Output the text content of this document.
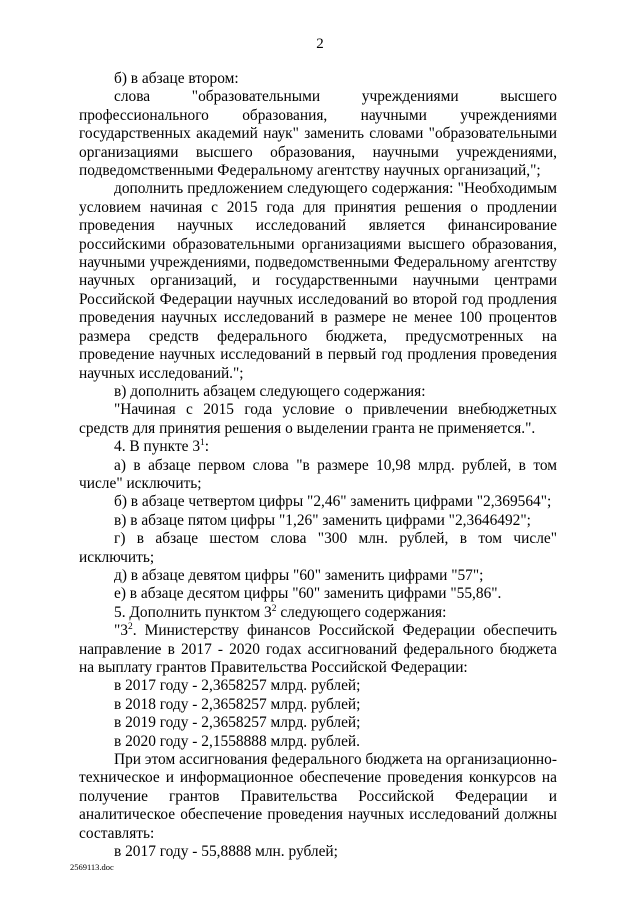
2

б) в абзаце втором:

слова "образовательными учреждениями высшего профессионального образования, научными учреждениями государственных академий наук" заменить словами "образовательными организациями высшего образования, научными учреждениями, подведомственными Федеральному агентству научных организаций,";

дополнить предложением следующего содержания: "Необходимым условием начиная с 2015 года для принятия решения о продлении проведения научных исследований является финансирование российскими образовательными организациями высшего образования, научными учреждениями, подведомственными Федеральному агентству научных организаций, и государственными научными центрами Российской Федерации научных исследований во второй год продления проведения научных исследований в размере не менее 100 процентов размера средств федерального бюджета, предусмотренных на проведение научных исследований в первый год продления проведения научных исследований.";

в) дополнить абзацем следующего содержания:

"Начиная с 2015 года условие о привлечении внебюджетных средств для принятия решения о выделении гранта не применяется.".

4. В пункте $3^1$:

а) в абзаце первом слова "в размере 10,98 млрд. рублей, в том числе" исключить;

б) в абзаце четвертом цифры "2,46" заменить цифрами "2,369564";

в) в абзаце пятом цифры "1,26" заменить цифрами "2,3646492";

г) в абзаце шестом слова "300 млн. рублей, в том числе" исключить;

д) в абзаце девятом цифры "60" заменить цифрами "57";

е) в абзаце десятом цифры "60" заменить цифрами "55,86".

5. Дополнить пунктом $3^2$ следующего содержания:

"$3^2$. Министерству финансов Российской Федерации обеспечить направление в 2017 - 2020 годах ассигнований федерального бюджета на выплату грантов Правительства Российской Федерации:

в 2017 году - 2,3658257 млрд. рублей;

в 2018 году - 2,3658257 млрд. рублей;

в 2019 году - 2,3658257 млрд. рублей;

в 2020 году - 2,1558888 млрд. рублей.

При этом ассигнования федерального бюджета на организационно-техническое и информационное обеспечение проведения конкурсов на получение грантов Правительства Российской Федерации и аналитическое обеспечение проведения научных исследований должны составлять:

в 2017 году - 55,8888 млн. рублей;

2569113.doc
